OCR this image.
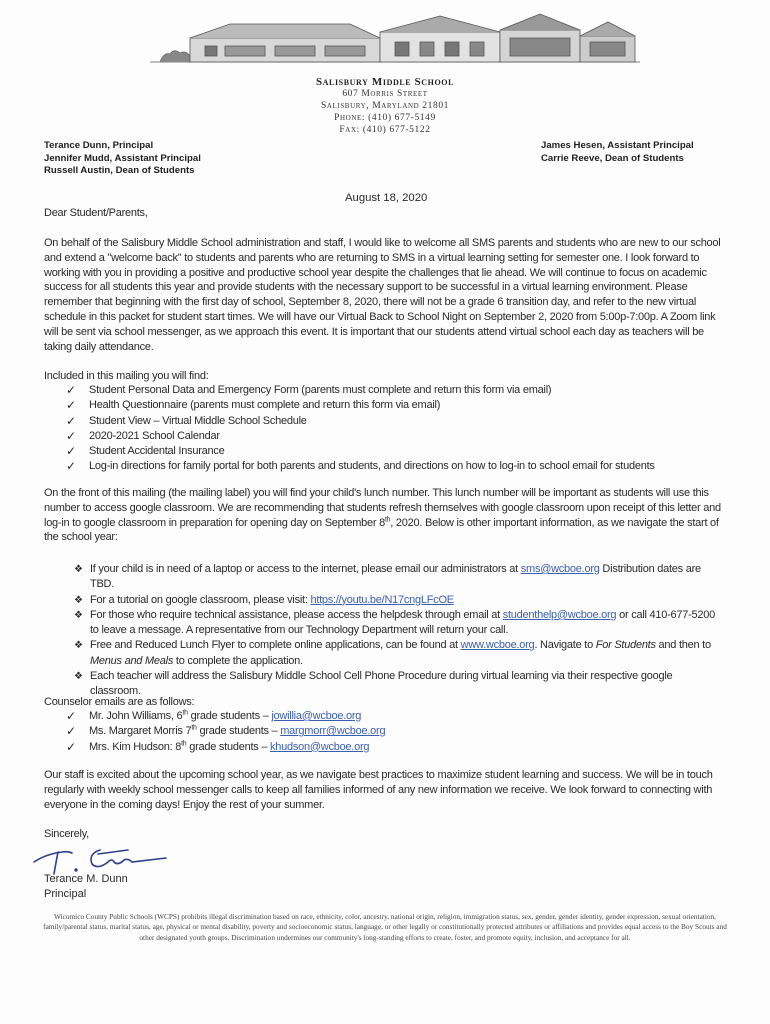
Salisbury Middle School
607 Morris Street
Salisbury, Maryland 21801
Phone: (410) 677-5149
Fax: (410) 677-5122
Terance Dunn, Principal
Jennifer Mudd, Assistant Principal
Russell Austin, Dean of Students
James Hesen, Assistant Principal
Carrie Reeve, Dean of Students
August 18, 2020
Dear Student/Parents,
On behalf of the Salisbury Middle School administration and staff, I would like to welcome all SMS parents and students who are new to our school and extend a "welcome back" to students and parents who are returning to SMS in a virtual learning setting for semester one. I look forward to working with you in providing a positive and productive school year despite the challenges that lie ahead. We will continue to focus on academic success for all students this year and provide students with the necessary support to be successful in a virtual learning environment. Please remember that beginning with the first day of school, September 8, 2020, there will not be a grade 6 transition day, and refer to the new virtual schedule in this packet for student start times. We will have our Virtual Back to School Night on September 2, 2020 from 5:00p-7:00p. A Zoom link will be sent via school messenger, as we approach this event. It is important that our students attend virtual school each day as teachers will be taking daily attendance.
Included in this mailing you will find:
✓	Student Personal Data and Emergency Form (parents must complete and return this form via email)
✓	Health Questionnaire (parents must complete and return this form via email)
✓	Student View – Virtual Middle School Schedule
✓	2020-2021 School Calendar
✓	Student Accidental Insurance
✓	Log-in directions for family portal for both parents and students, and directions on how to log-in to school email for students
On the front of this mailing (the mailing label) you will find your child's lunch number. This lunch number will be important as students will use this number to access google classroom. We are recommending that students refresh themselves with google classroom upon receipt of this letter and log-in to google classroom in preparation for opening day on September 8th, 2020. Below is other important information, as we navigate the start of the school year:
❖ If your child is in need of a laptop or access to the internet, please email our administrators at sms@wcboe.org Distribution dates are TBD.
❖ For a tutorial on google classroom, please visit: https://youtu.be/N17cngLFcOE
❖ For those who require technical assistance, please access the helpdesk through email at studenthelp@wcboe.org or call 410-677-5200 to leave a message. A representative from our Technology Department will return your call.
❖ Free and Reduced Lunch Flyer to complete online applications, can be found at www.wcboe.org. Navigate to For Students and then to Menus and Meals to complete the application.
❖ Each teacher will address the Salisbury Middle School Cell Phone Procedure during virtual learning via their respective google classroom.
Counselor emails are as follows:
✓	Mr. John Williams, 6th grade students – jowillia@wcboe.org
✓	Ms. Margaret Morris 7th grade students – margmorr@wcboe.org
✓	Mrs. Kim Hudson: 8th grade students – khudson@wcboe.org
Our staff is excited about the upcoming school year, as we navigate best practices to maximize student learning and success. We will be in touch regularly with weekly school messenger calls to keep all families informed of any new information we receive. We look forward to connecting with everyone in the coming days! Enjoy the rest of your summer.
Sincerely,
Terance M. Dunn
Principal
Wicomico County Public Schools (WCPS) prohibits illegal discrimination based on race, ethnicity, color, ancestry, national origin, religion, immigration status, sex, gender, gender identity, gender expression, sexual orientation, family/parental status, marital status, age, physical or mental disability, poverty and socioeconomic status, language, or other legally or constitutionally protected attributes or affiliations and provides equal access to the Boy Scouts and other designated youth groups. Discrimination undermines our community's long-standing efforts to create, foster, and promote equity, inclusion, and acceptance for all.
